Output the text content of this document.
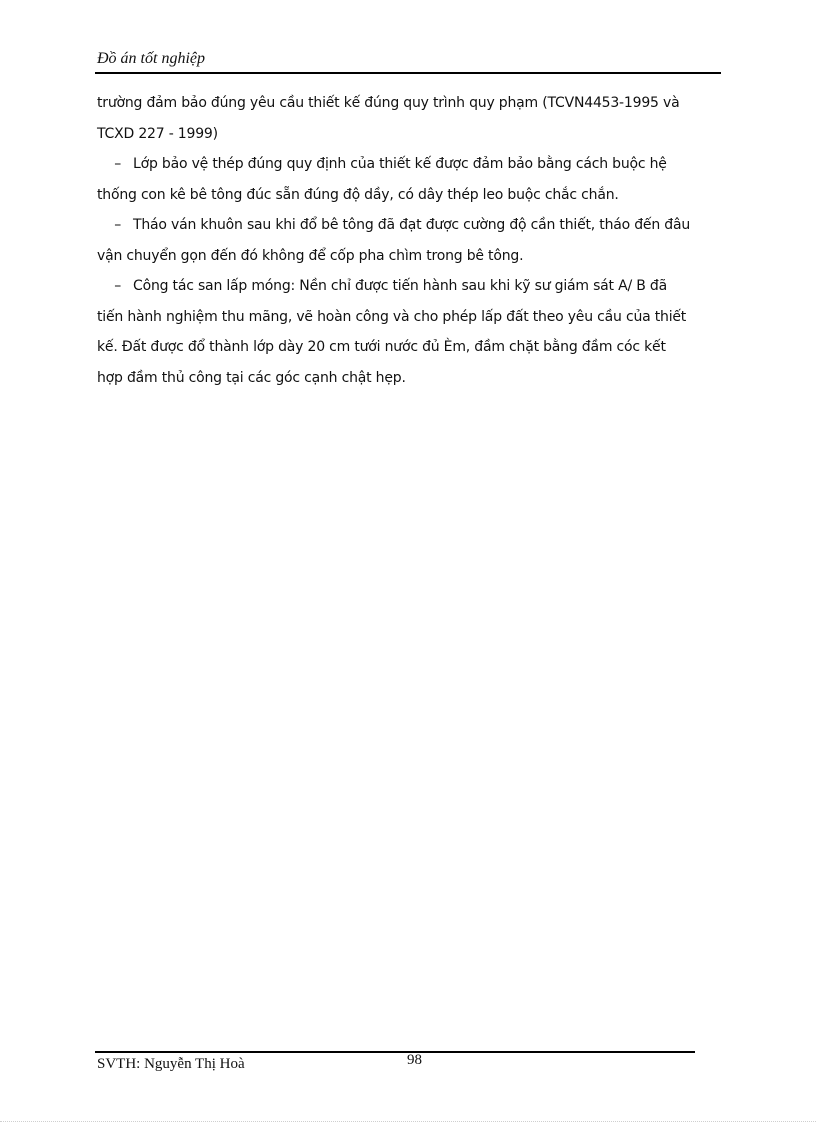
Đồ án tốt nghiệp
trường đảm bảo đúng yêu cầu thiết kế đúng quy trình quy phạm (TCVN4453-1995 và
TCXD 227 - 1999)
– Lớp bảo vệ thép đúng quy định của thiết kế được đảm bảo bằng cách buộc hệ
thống con kê bê tông đúc sẵn đúng độ dầy, có dây thép leo buộc chắc chắn.
– Tháo ván khuôn sau khi đổ bê tông đã đạt được cường độ cần thiết, tháo đến đâu
vận chuyển gọn đến đó không để cốp pha chìm trong bê tông.
– Công tác san lấp móng: Nền chỉ được tiến hành sau khi kỹ sư giám sát A/ B đã
tiến hành nghiệm thu mãng, vẽ hoàn công và cho phép lấp đất theo yêu cầu của thiết
kế. Đất được đổ thành lớp dày 20 cm tưới nước đủ Èm, đầm chặt bằng đầm cóc kết
hợp đầm thủ công tại các góc cạnh chật hẹp.
98
SVTH: Nguyễn Thị Hoà
